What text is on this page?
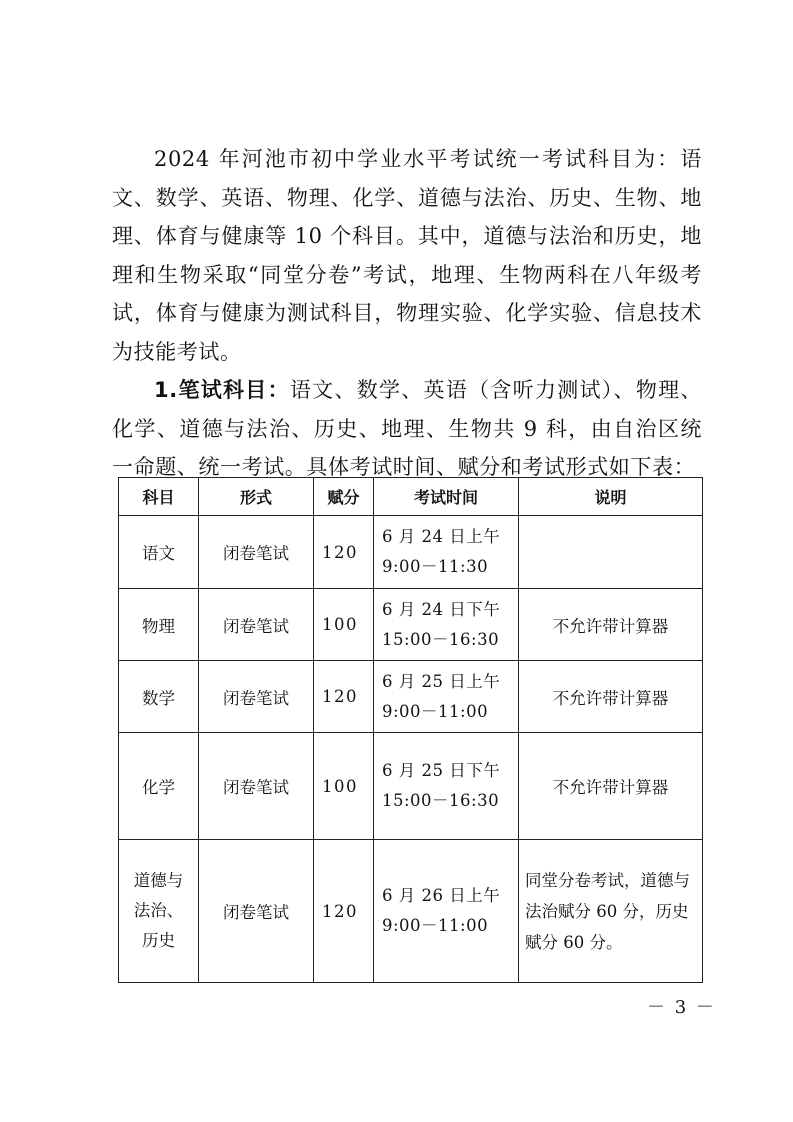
2024 年河池市初中学业水平考试统一考试科目为：语文、数学、英语、物理、化学、道德与法治、历史、生物、地理、体育与健康等 10 个科目。其中，道德与法治和历史，地理和生物采取“同堂分卷”考试，地理、生物两科在八年级考试，体育与健康为测试科目，物理实验、化学实验、信息技术为技能考试。

1.笔试科目：语文、数学、英语（含听力测试）、物理、化学、道德与法治、历史、地理、生物共 9 科，由自治区统一命题、统一考试。具体考试时间、赋分和考试形式如下表：

科目	形式	赋分	考试时间	说明
语文	闭卷笔试	120	6 月 24 日上午
9:00－11:30	

物理	闭卷笔试	100	6 月 24 日下午
15:00－16:30	不允许带计算器
数学	闭卷笔试	120	6 月 25 日上午
9:00－11:00	不允许带计算器
化学	闭卷笔试	100	6 月 25 日下午
15:00－16:30	不允许带计算器

道德与
法治、
历史	闭卷笔试	120	6 月 26 日上午
9:00－11:00	同堂分卷考试，道德与法治赋分 60 分，历史赋分 60 分。
－ 3 －
